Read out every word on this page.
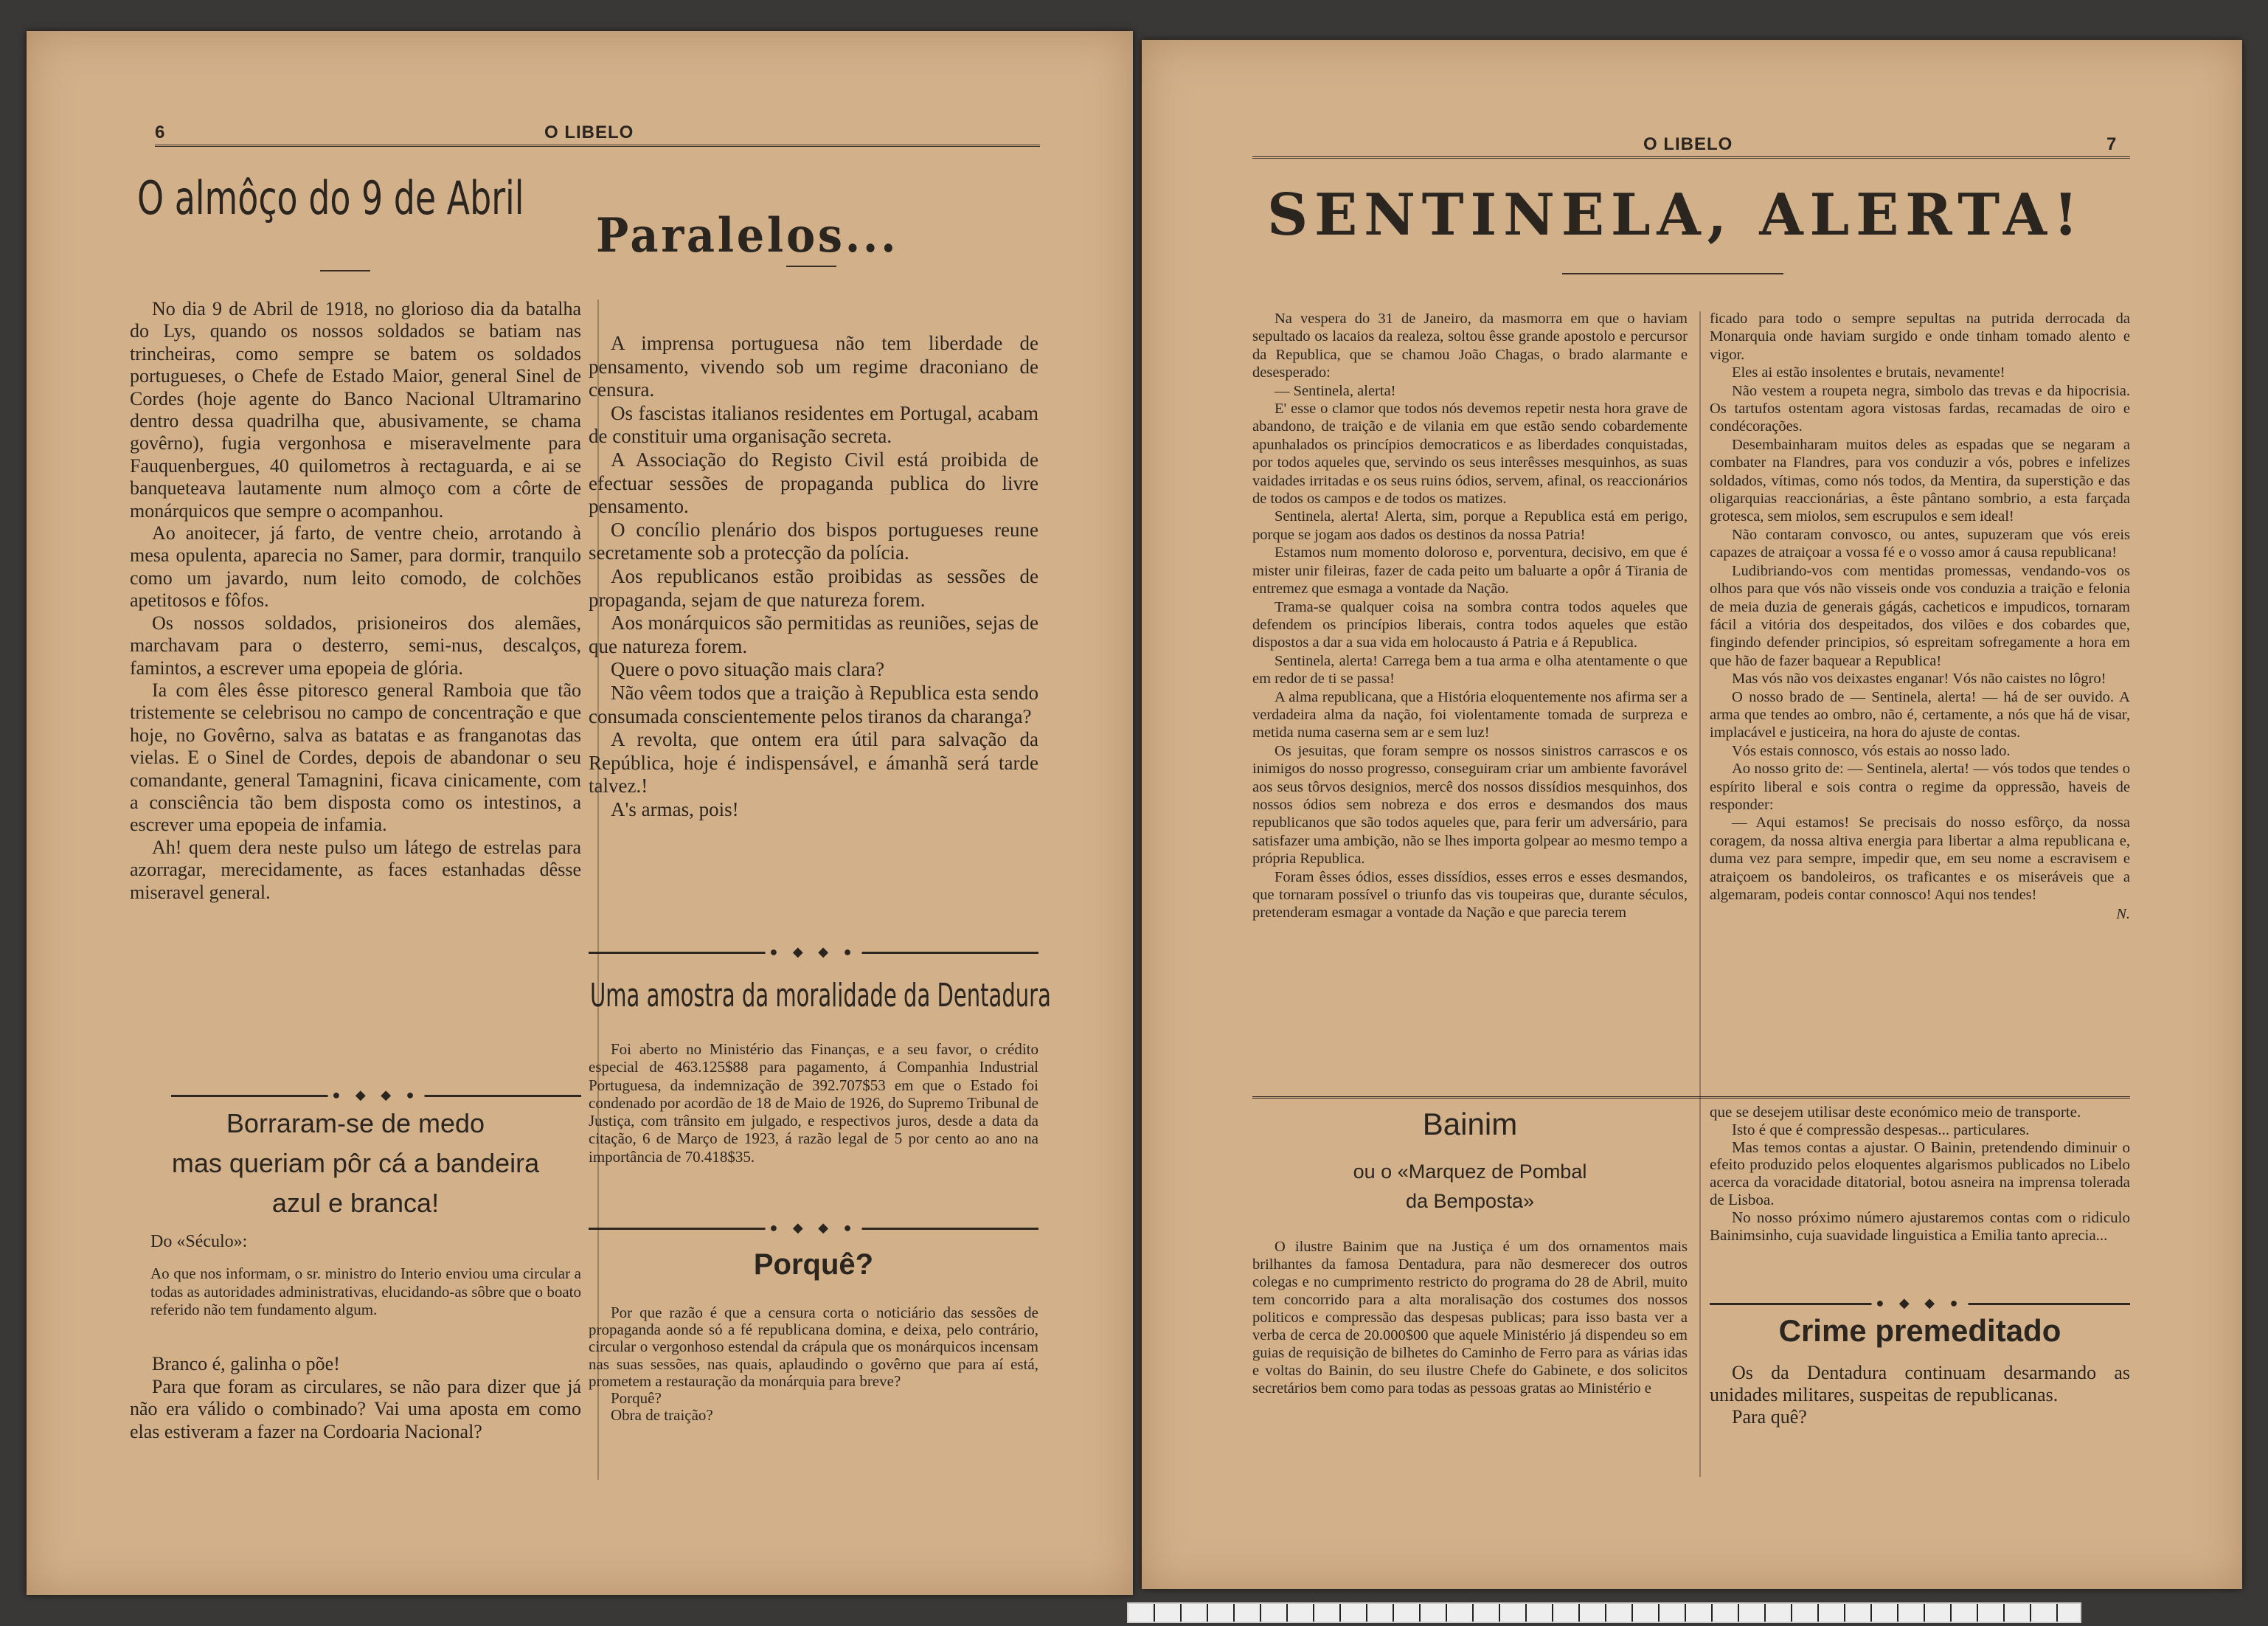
6	O LIBELO
O almôço do 9 de Abril

No dia 9 de Abril de 1918, no glorioso dia da batalha do Lys, quando os nossos soldados se batiam nas trincheiras, como sempre se batem os soldados portugueses, o Chefe de Estado Maior, general Sinel de Cordes (hoje agente do Banco Nacional Ultramarino dentro dessa quadrilha que, abusivamente, se chama govêrno), fugia vergonhosa e miseravelmente para Fauquenbergues, 40 quilometros à rectaguarda, e ai se banqueteava lautamente num almoço com a côrte de monárquicos que sempre o acompanhou.

Ao anoitecer, já farto, de ventre cheio, arrotando à mesa opulenta, aparecia no Samer, para dormir, tranquilo como um javardo, num leito comodo, de colchões apetitosos e fôfos.

Os nossos soldados, prisioneiros dos alemães, marchavam para o desterro, semi-nus, descalços, famintos, a escrever uma epopeia de glória.

Ia com êles êsse pitoresco general Ramboia que tão tristemente se celebrisou no campo de concentração e que hoje, no Govêrno, salva as batatas e as franganotas das vielas. E o Sinel de Cordes, depois de abandonar o seu comandante, general Tamagnini, ficava cinicamente, com a consciência tão bem disposta como os intestinos, a escrever uma epopeia de infamia.

Ah! quem dera neste pulso um látego de estrelas para azorragar, merecidamente, as faces estanhadas dêsse miseravel general.

● ◆ ◆ ●
Borraram-se de medo
mas queriam pôr cá a bandeira
azul e branca!
Do «Século»:
Ao que nos informam, o sr. ministro do Interio enviou uma circular a todas as autoridades administrativas, elucidando-as sôbre que o boato referido não tem fundamento algum.

Branco é, galinha o põe!

Para que foram as circulares, se não para dizer que já não era válido o combinado? Vai uma aposta em como elas estiveram a fazer na Cordoaria Nacional?

Paralelos...

A imprensa portuguesa não tem liberdade de pensamento, vivendo sob um regime draconiano de censura.

Os fascistas italianos residentes em Portugal, acabam de constituir uma organisação secreta.

A Associação do Registo Civil está proibida de efectuar sessões de propaganda publica do livre pensamento.

O concílio plenário dos bispos portugueses reune secretamente sob a protecção da polícia.

Aos republicanos estão proibidas as sessões de propaganda, sejam de que natureza forem.

Aos monárquicos são permitidas as reuniões, sejas de que natureza forem.

Quere o povo situação mais clara?

Não vêem todos que a traição à Republica esta sendo consumada conscientemente pelos tiranos da charanga?

A revolta, que ontem era útil para salvação da República, hoje é indispensável, e ámanhã será tarde talvez.!

A's armas, pois!

● ◆ ◆ ●
Uma amostra da moralidade da Dentadura

Foi aberto no Ministério das Finanças, e a seu favor, o crédito especial de 463.125$88 para pagamento, á Companhia Industrial Portuguesa, da indemnização de 392.707$53 em que o Estado foi condenado por acordão de 18 de Maio de 1926, do Supremo Tribunal de Justiça, com trânsito em julgado, e respectivos juros, desde a data da citação, 6 de Março de 1923, á razão legal de 5 por cento ao ano na importância de 70.418$35.

● ◆ ◆ ●
Porquê?

Por que razão é que a censura corta o noticiário das sessões de propaganda aonde só a fé republicana domina, e deixa, pelo contrário, circular o vergonhoso estendal da crápula que os monárquicos incensam nas suas sessões, nas quais, aplaudindo o govêrno que para aí está, prometem a restauração da monárquia para breve?

Porquê?

Obra de traição?

O LIBELO	7
SENTINELA, ALERTA!

Na vespera do 31 de Janeiro, da masmorra em que o haviam sepultado os lacaios da realeza, soltou êsse grande apostolo e percursor da Republica, que se chamou João Chagas, o brado alarmante e desesperado:

— Sentinela, alerta!

E' esse o clamor que todos nós devemos repetir nesta hora grave de abandono, de traição e de vilania em que estão sendo cobardemente apunhalados os princípios democraticos e as liberdades conquistadas, por todos aqueles que, servindo os seus interêsses mesquinhos, as suas vaidades irritadas e os seus ruins ódios, servem, afinal, os reaccionários de todos os campos e de todos os matizes.

Sentinela, alerta! Alerta, sim, porque a Republica está em perigo, porque se jogam aos dados os destinos da nossa Patria!

Estamos num momento doloroso e, porventura, decisivo, em que é mister unir fileiras, fazer de cada peito um baluarte a opôr á Tirania de entremez que esmaga a vontade da Nação.

Trama-se qualquer coisa na sombra contra todos aqueles que defendem os princípios liberais, contra todos aqueles que estão dispostos a dar a sua vida em holocausto á Patria e á Republica.

Sentinela, alerta! Carrega bem a tua arma e olha atentamente o que em redor de ti se passa!

A alma republicana, que a História eloquentemente nos afirma ser a verdadeira alma da nação, foi violentamente tomada de surpreza e metida numa caserna sem ar e sem luz!

Os jesuitas, que foram sempre os nossos sinistros carrascos e os inimigos do nosso progresso, conseguiram criar um ambiente favorável aos seus tôrvos designios, mercê dos nossos dissídios mesquinhos, dos nossos ódios sem nobreza e dos erros e desmandos dos maus republicanos que são todos aqueles que, para ferir um adversário, para satisfazer uma ambição, não se lhes importa golpear ao mesmo tempo a própria Republica.

Foram êsses ódios, esses dissídios, esses erros e esses desmandos, que tornaram possível o triunfo das vis toupeiras que, durante séculos, pretenderam esmagar a vontade da Nação e que parecia terem

ficado para todo o sempre sepultas na putrida derrocada da Monarquia onde haviam surgido e onde tinham tomado alento e vigor.

Eles ai estão insolentes e brutais, nevamente!

Não vestem a roupeta negra, simbolo das trevas e da hipocrisia. Os tartufos ostentam agora vistosas fardas, recamadas de oiro e condécorações.

Desembainharam muitos deles as espadas que se negaram a combater na Flandres, para vos conduzir a vós, pobres e infelizes soldados, vítimas, como nós todos, da Mentira, da superstição e das oligarquias reaccionárias, a êste pântano sombrio, a esta farçada grotesca, sem miolos, sem escrupulos e sem ideal!

Não contaram convosco, ou antes, supuzeram que vós ereis capazes de atraiçoar a vossa fé e o vosso amor á causa republicana!

Ludibriando-vos com mentidas promessas, vendando-vos os olhos para que vós não visseis onde vos conduzia a traição e felonia de meia duzia de generais gágás, cacheticos e impudicos, tornaram fácil a vitória dos despeitados, dos vilões e dos cobardes que, fingindo defender principios, só espreitam sofregamente a hora em que hão de fazer baquear a Republica!

Mas vós não vos deixastes enganar! Vós não caistes no lôgro!

O nosso brado de — Sentinela, alerta! — há de ser ouvido. A arma que tendes ao ombro, não é, certamente, a nós que há de visar, implacável e justiceira, na hora do ajuste de contas.

Vós estais connosco, vós estais ao nosso lado.

Ao nosso grito de: — Sentinela, alerta! — vós todos que tendes o espírito liberal e sois contra o regime da oppressão, haveis de responder:

— Aqui estamos! Se precisais do nosso esfôrço, da nossa coragem, da nossa altiva energia para libertar a alma republicana e, duma vez para sempre, impedir que, em seu nome a escravisem e atraiçoem os bandoleiros, os traficantes e os miseráveis que a algemaram, podeis contar connosco! Aqui nos tendes!

N.

Bainim
ou o «Marquez de Pombal
da Bemposta»

O ilustre Bainim que na Justiça é um dos ornamentos mais brilhantes da famosa Dentadura, para não desmerecer dos outros colegas e no cumprimento restricto do programa do 28 de Abril, muito tem concorrido para a alta moralisação dos costumes dos nossos politicos e compressão das despesas publicas; para isso basta ver a verba de cerca de 20.000$00 que aquele Ministério já dispendeu so em guias de requisição de bilhetes do Caminho de Ferro para as várias idas e voltas do Bainin, do seu ilustre Chefe do Gabinete, e dos solicitos secretários bem como para todas as pessoas gratas ao Ministério e

que se desejem utilisar deste económico meio de transporte.

Isto é que é compressão despesas... particulares.

Mas temos contas a ajustar. O Bainin, pretendendo diminuir o efeito produzido pelos eloquentes algarismos publicados no Libelo acerca da voracidade ditatorial, botou asneira na imprensa tolerada de Lisboa.

No nosso próximo número ajustaremos contas com o ridiculo Bainimsinho, cuja suavidade linguistica a Emilia tanto apreciа...

● ◆ ◆ ●
Crime premeditado

Os da Dentadura continuam desarmando as unidades militares, suspeitas de republicanas.

Para quê?
